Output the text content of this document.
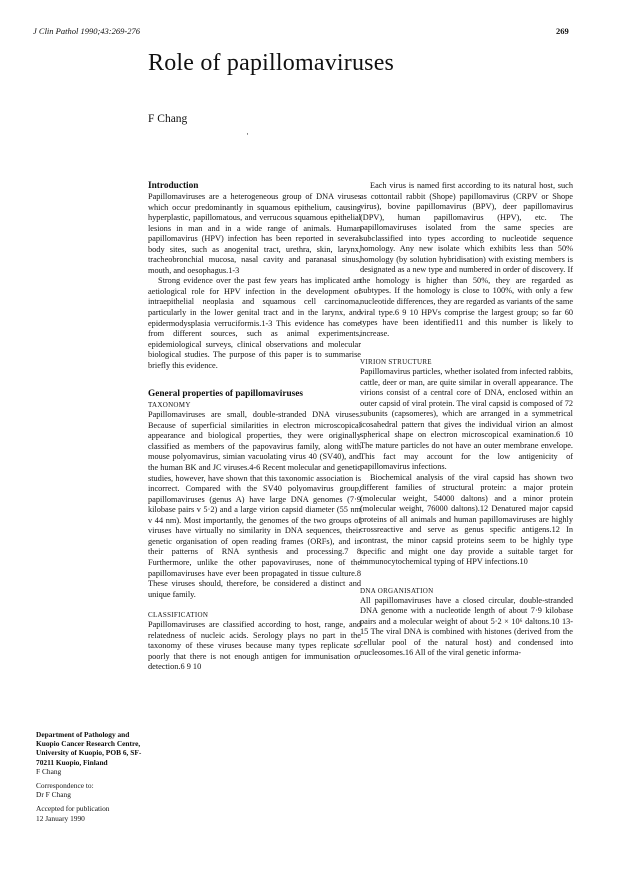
J Clin Pathol 1990;43:269-276	269
Role of papillomaviruses
F Chang
·
Introduction

Papillomaviruses are a heterogeneous group of DNA viruses which occur predominantly in squamous epithelium, causing hyperplastic, papillomatous, and verrucous squamous epithelial lesions in man and in a wide range of animals. Human papillomavirus (HPV) infection has been reported in several body sites, such as anogenital tract, urethra, skin, larynx, tracheobronchial mucosa, nasal cavity and paranasal sinus, mouth, and oesophagus.1-3

Strong evidence over the past few years has implicated an aetiological role for HPV infection in the development of intraepithelial neoplasia and squamous cell carcinoma, particularly in the lower genital tract and in the larynx, and epidermodysplasia verruciformis.1-3 This evidence has come from different sources, such as animal experiments, epidemiological surveys, clinical observations and molecular biological studies. The purpose of this paper is to summarise briefly this evidence.

General properties of papillomaviruses
TAXONOMY

Papillomaviruses are small, double-stranded DNA viruses. Because of superficial similarities in electron microscopical appearance and biological properties, they were originally classified as members of the papovavirus family, along with mouse polyomavirus, simian vacuolating virus 40 (SV40), and the human BK and JC viruses.4-6 Recent molecular and genetic studies, however, have shown that this taxonomic association is incorrect. Compared with the SV40 polyomavirus group, papillomaviruses (genus A) have large DNA genomes (7·9 kilobase pairs v 5·2) and a large virion capsid diameter (55 nm v 44 nm). Most importantly, the genomes of the two groups of viruses have virtually no similarity in DNA sequences, their genetic organisation of open reading frames (ORFs), and in their patterns of RNA synthesis and processing.7 8 Furthermore, unlike the other papovaviruses, none of the papillomaviruses have ever been propagated in tissue culture.8 These viruses should, therefore, be considered a distinct and unique family.

CLASSIFICATION

Papillomaviruses are classified according to host, range, and relatedness of nucleic acids. Serology plays no part in the taxonomy of these viruses because many types replicate so poorly that there is not enough antigen for immunisation or detection.6 9 10

Each virus is named first according to its natural host, such as cottontail rabbit (Shope) papillomavirus (CRPV or Shope virus), bovine papillomavirus (BPV), deer papillomavirus (DPV), human papillomavirus (HPV), etc. The papillomaviruses isolated from the same species are subclassified into types according to nucleotide sequence homology. Any new isolate which exhibits less than 50% homology (by solution hybridisation) with existing members is designated as a new type and numbered in order of discovery. If the homology is higher than 50%, they are regarded as subtypes. If the homology is close to 100%, with only a few nucleotide differences, they are regarded as variants of the same viral type.6 9 10 HPVs comprise the largest group; so far 60 types have been identified11 and this number is likely to increase.

VIRION STRUCTURE

Papillomavirus particles, whether isolated from infected rabbits, cattle, deer or man, are quite similar in overall appearance. The virions consist of a central core of DNA, enclosed within an outer capsid of viral protein. The viral capsid is composed of 72 subunits (capsomeres), which are arranged in a symmetrical icosahedral pattern that gives the individual virion an almost spherical shape on electron microscopical examination.6 10 The mature particles do not have an outer membrane envelope. This fact may account for the low antigenicity of papillomavirus infections.

Biochemical analysis of the viral capsid has shown two different families of structural protein: a major protein (molecular weight, 54000 daltons) and a minor protein (molecular weight, 76000 daltons).12 Denatured major capsid proteins of all animals and human papillomaviruses are highly crossreactive and serve as genus specific antigens.12 In contrast, the minor capsid proteins seem to be highly type specific and might one day provide a suitable target for immunocytochemical typing of HPV infections.10

DNA ORGANISATION

All papillomaviruses have a closed circular, double-stranded DNA genome with a nucleotide length of about 7·9 kilobase pairs and a molecular weight of about 5·2 × 10⁶ daltons.10 13-15 The viral DNA is combined with histones (derived from the cellular pool of the natural host) and condensed into nucleosomes.16 All of the viral genetic informa-

Department of Pathology and Kuopio Cancer Research Centre, University of Kuopio, POB 6, SF-70211 Kuopio, Finland
F Chang
Correspondence to:
Dr F Chang
Accepted for publication
12 January 1990
